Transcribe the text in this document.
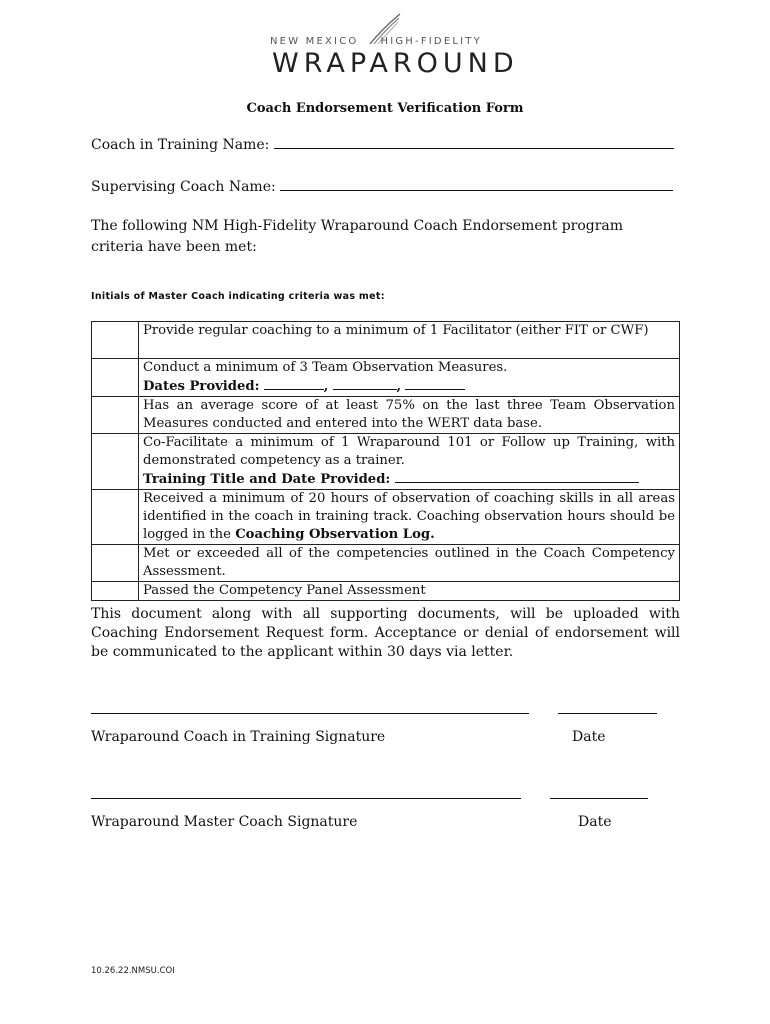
NEW MEXICO HIGH-FIDELITY
WRAPAROUND
Coach Endorsement Verification Form
Coach in Training Name:
Supervising Coach Name:
The following NM High-Fidelity Wraparound Coach Endorsement program criteria have been met:
Initials of Master Coach indicating criteria was met:
	Provide regular coaching to a minimum of 1 Facilitator (either FIT or CWF)

	Conduct a minimum of 3 Team Observation Measures.
Dates Provided: , ,

	Has an average score of at least 75% on the last three Team Observation Measures conducted and entered into the WERT data base.

	Co-Facilitate a minimum of 1 Wraparound 101 or Follow up Training, with demonstrated competency as a trainer.
Training Title and Date Provided:

	Received a minimum of 20 hours of observation of coaching skills in all areas identified in the coach in training track. Coaching observation hours should be logged in the Coaching Observation Log.
	Met or exceeded all of the competencies outlined in the Coach Competency Assessment.
	Passed the Competency Panel Assessment
This document along with all supporting documents, will be uploaded with Coaching Endorsement Request form. Acceptance or denial of endorsement will be communicated to the applicant within 30 days via letter.
Wraparound Coach in Training Signature	Date
Wraparound Master Coach Signature	Date
10.26.22.NMSU.COI
